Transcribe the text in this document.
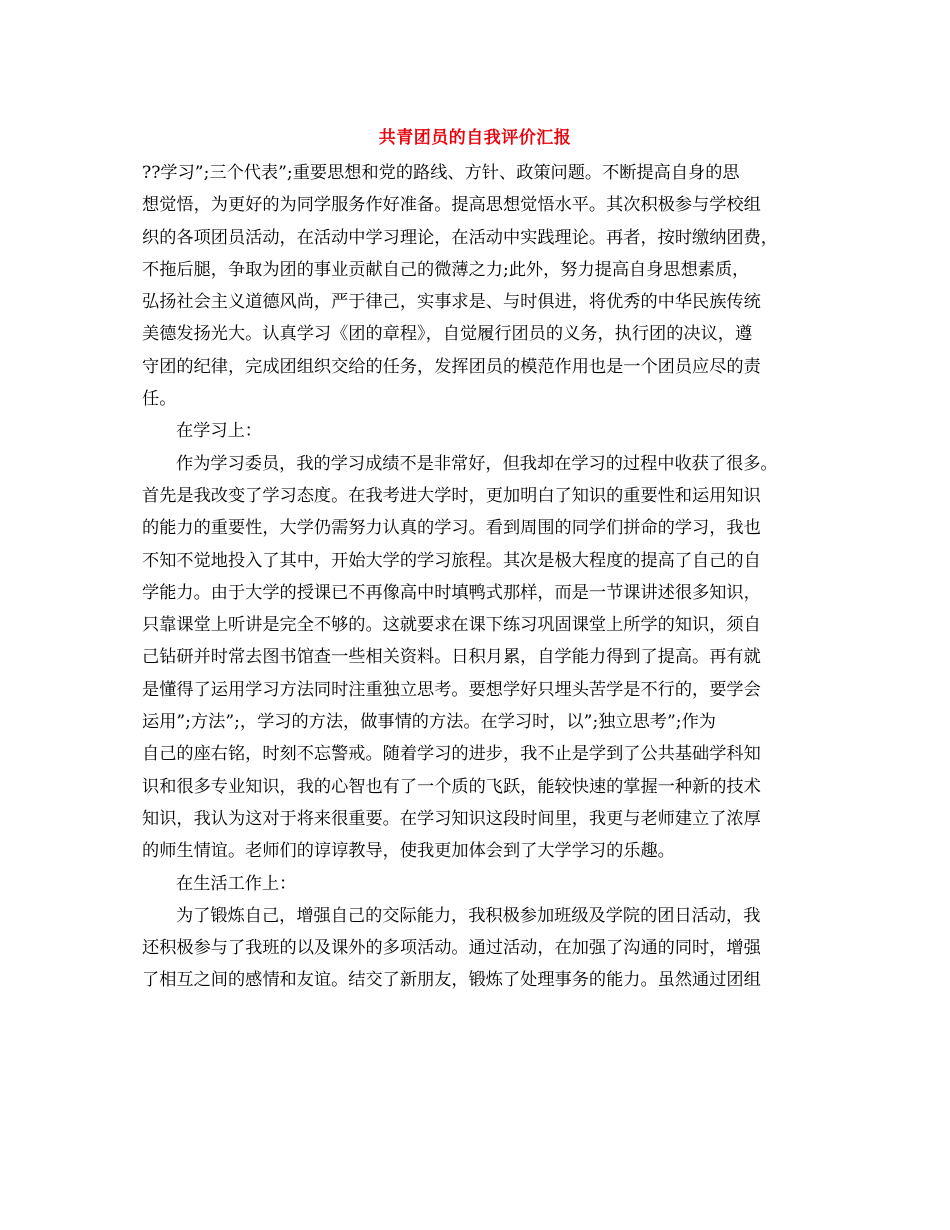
共青团员的自我评价汇报

??学习”;三个代表”;重要思想和党的路线、方针、政策问题。不断提高自身的思

想觉悟，为更好的为同学服务作好准备。提高思想觉悟水平。其次积极参与学校组

织的各项团员活动，在活动中学习理论，在活动中实践理论。再者，按时缴纳团费，

不拖后腿，争取为团的事业贡献自己的微薄之力;此外，努力提高自身思想素质，

弘扬社会主义道德风尚，严于律己，实事求是、与时俱进，将优秀的中华民族传统

美德发扬光大。认真学习《团的章程》，自觉履行团员的义务，执行团的决议，遵

守团的纪律，完成团组织交给的任务，发挥团员的模范作用也是一个团员应尽的责

任。

在学习上：

作为学习委员，我的学习成绩不是非常好，但我却在学习的过程中收获了很多。

首先是我改变了学习态度。在我考进大学时，更加明白了知识的重要性和运用知识

的能力的重要性，大学仍需努力认真的学习。看到周围的同学们拼命的学习，我也

不知不觉地投入了其中，开始大学的学习旅程。其次是极大程度的提高了自己的自

学能力。由于大学的授课已不再像高中时填鸭式那样，而是一节课讲述很多知识，

只靠课堂上听讲是完全不够的。这就要求在课下练习巩固课堂上所学的知识，须自

己钻研并时常去图书馆查一些相关资料。日积月累，自学能力得到了提高。再有就

是懂得了运用学习方法同时注重独立思考。要想学好只埋头苦学是不行的，要学会

运用”;方法”;，学习的方法，做事情的方法。在学习时，以”;独立思考”;作为

自己的座右铭，时刻不忘警戒。随着学习的进步，我不止是学到了公共基础学科知

识和很多专业知识，我的心智也有了一个质的飞跃，能较快速的掌握一种新的技术

知识，我认为这对于将来很重要。在学习知识这段时间里，我更与老师建立了浓厚

的师生情谊。老师们的谆谆教导，使我更加体会到了大学学习的乐趣。

在生活工作上：

为了锻炼自己，增强自己的交际能力，我积极参加班级及学院的团日活动，我

还积极参与了我班的以及课外的多项活动。通过活动，在加强了沟通的同时，增强

了相互之间的感情和友谊。结交了新朋友，锻炼了处理事务的能力。虽然通过团组
